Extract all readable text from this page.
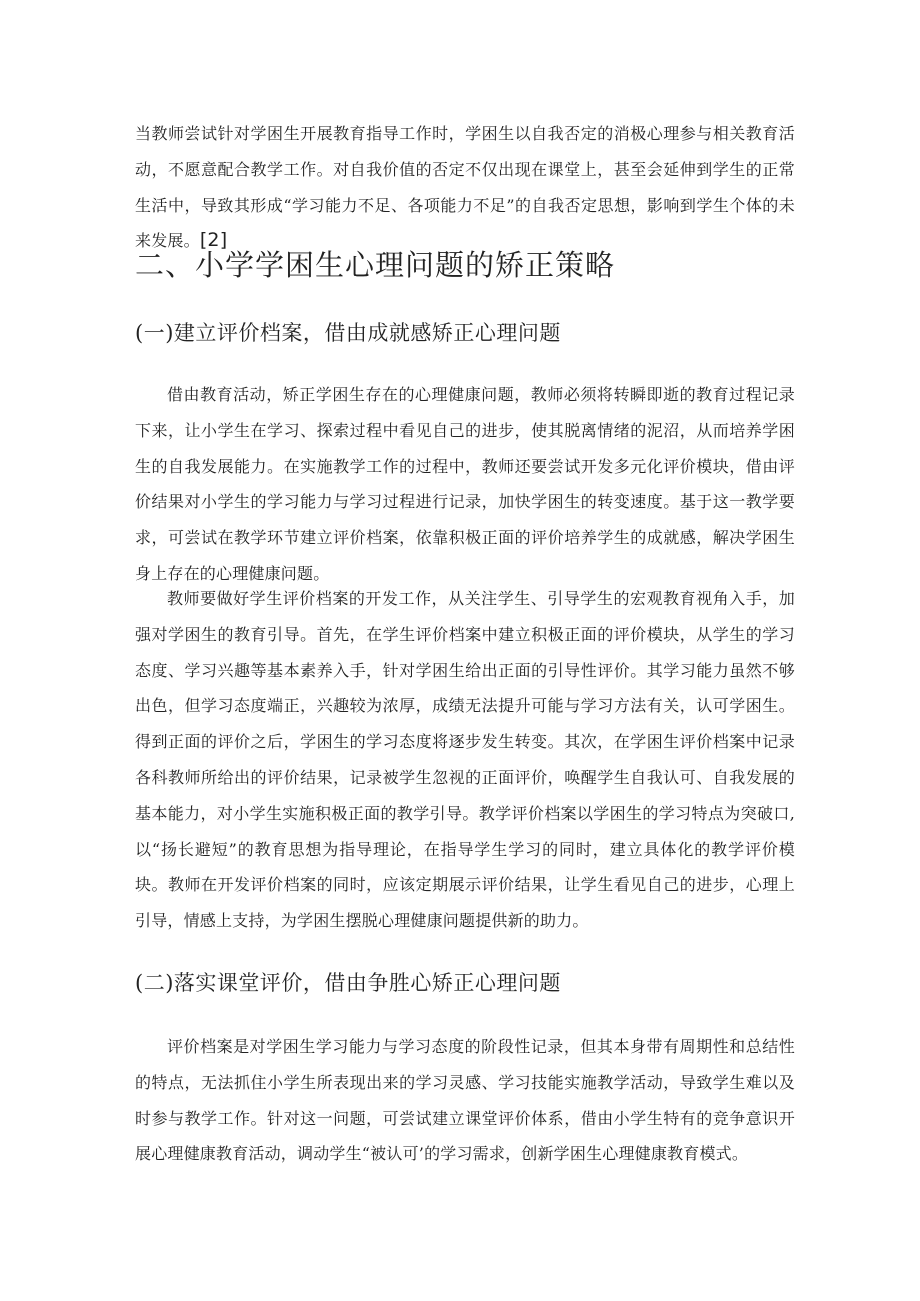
当教师尝试针对学困生开展教育指导工作时，学困生以自我否定的消极心理参与相关教育活动，不愿意配合教学工作。对自我价值的否定不仅出现在课堂上，甚至会延伸到学生的正常生活中，导致其形成“学习能力不足、各项能力不足”的自我否定思想，影响到学生个体的未来发展。[2]

二、小学学困生心理问题的矫正策略
(一)建立评价档案，借由成就感矫正心理问题

借由教育活动，矫正学困生存在的心理健康问题，教师必须将转瞬即逝的教育过程记录下来，让小学生在学习、探索过程中看见自己的进步，使其脱离情绪的泥沼，从而培养学困生的自我发展能力。在实施教学工作的过程中，教师还要尝试开发多元化评价模块，借由评价结果对小学生的学习能力与学习过程进行记录，加快学困生的转变速度。基于这一教学要求，可尝试在教学环节建立评价档案，依靠积极正面的评价培养学生的成就感，解决学困生身上存在的心理健康问题。

教师要做好学生评价档案的开发工作，从关注学生、引导学生的宏观教育视角入手，加强对学困生的教育引导。首先，在学生评价档案中建立积极正面的评价模块，从学生的学习态度、学习兴趣等基本素养入手，针对学困生给出正面的引导性评价。其学习能力虽然不够出色，但学习态度端正，兴趣较为浓厚，成绩无法提升可能与学习方法有关，认可学困生。得到正面的评价之后，学困生的学习态度将逐步发生转变。其次，在学困生评价档案中记录各科教师所给出的评价结果，记录被学生忽视的正面评价，唤醒学生自我认可、自我发展的基本能力，对小学生实施积极正面的教学引导。教学评价档案以学困生的学习特点为突破口,以“扬长避短”的教育思想为指导理论，在指导学生学习的同时，建立具体化的教学评价模块。教师在开发评价档案的同时，应该定期展示评价结果，让学生看见自己的进步，心理上引导，情感上支持，为学困生摆脱心理健康问题提供新的助力。

(二)落实课堂评价，借由争胜心矫正心理问题

评价档案是对学困生学习能力与学习态度的阶段性记录，但其本身带有周期性和总结性的特点，无法抓住小学生所表现出来的学习灵感、学习技能实施教学活动，导致学生难以及时参与教学工作。针对这一问题，可尝试建立课堂评价体系，借由小学生特有的竞争意识开展心理健康教育活动，调动学生“被认可’的学习需求，创新学困生心理健康教育模式。
